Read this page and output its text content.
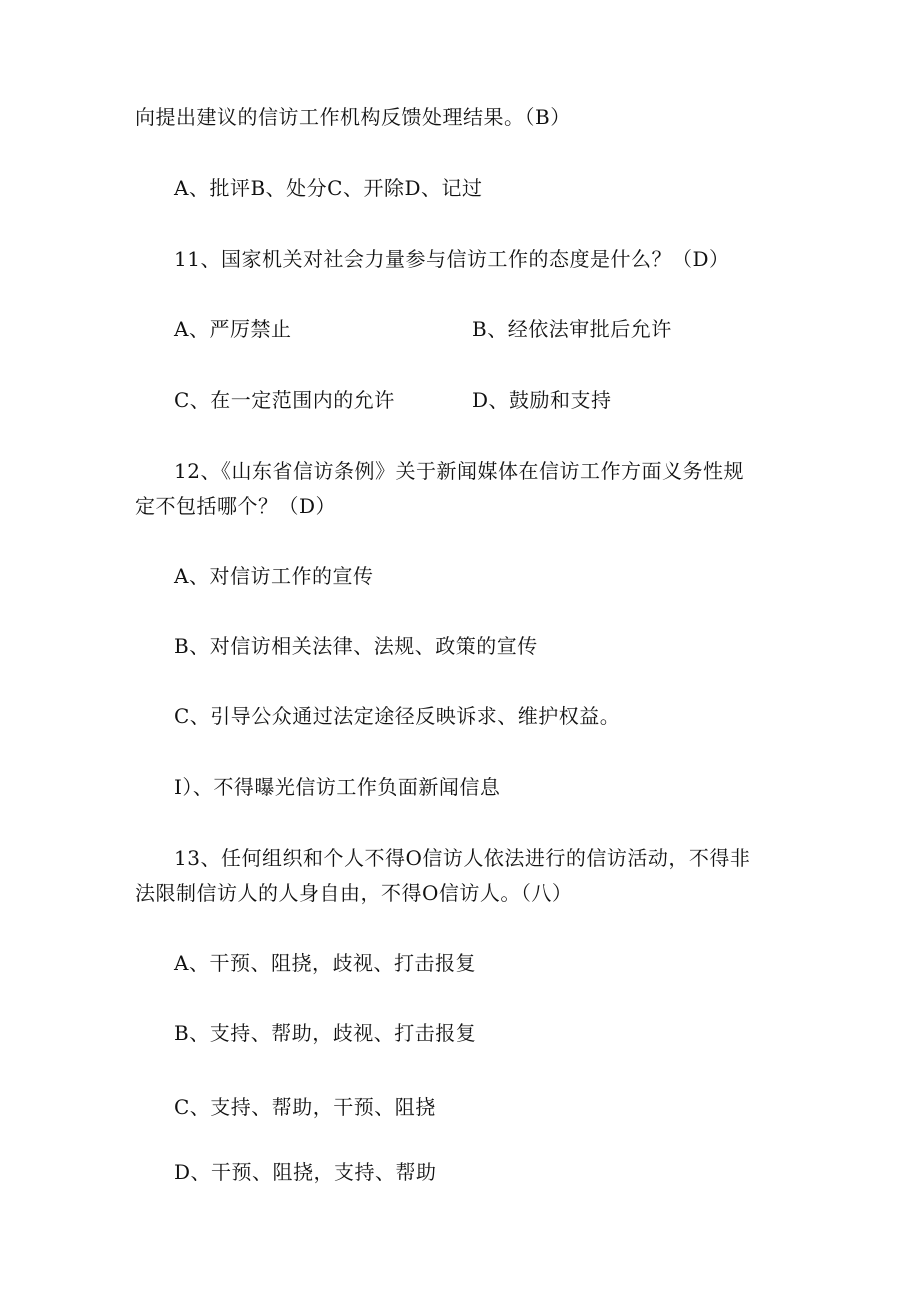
向提出建议的信访工作机构反馈处理结果。（B）
A、批评B、处分C、开除D、记过
11、国家机关对社会力量参与信访工作的态度是什么？（D）
A、严厉禁止	B、经依法审批后允许
C、在一定范围内的允许	D、鼓励和支持
12、《山东省信访条例》关于新闻媒体在信访工作方面义务性规
定不包括哪个？（D）
A、对信访工作的宣传
B、对信访相关法律、法规、政策的宣传
C、引导公众通过法定途径反映诉求、维护权益。
I）、不得曝光信访工作负面新闻信息
13、任何组织和个人不得O信访人依法进行的信访活动，不得非
法限制信访人的人身自由，不得O信访人。（八）
A、干预、阻挠，歧视、打击报复
B、支持、帮助，歧视、打击报复
C、支持、帮助，干预、阻挠
D、干预、阻挠，支持、帮助
